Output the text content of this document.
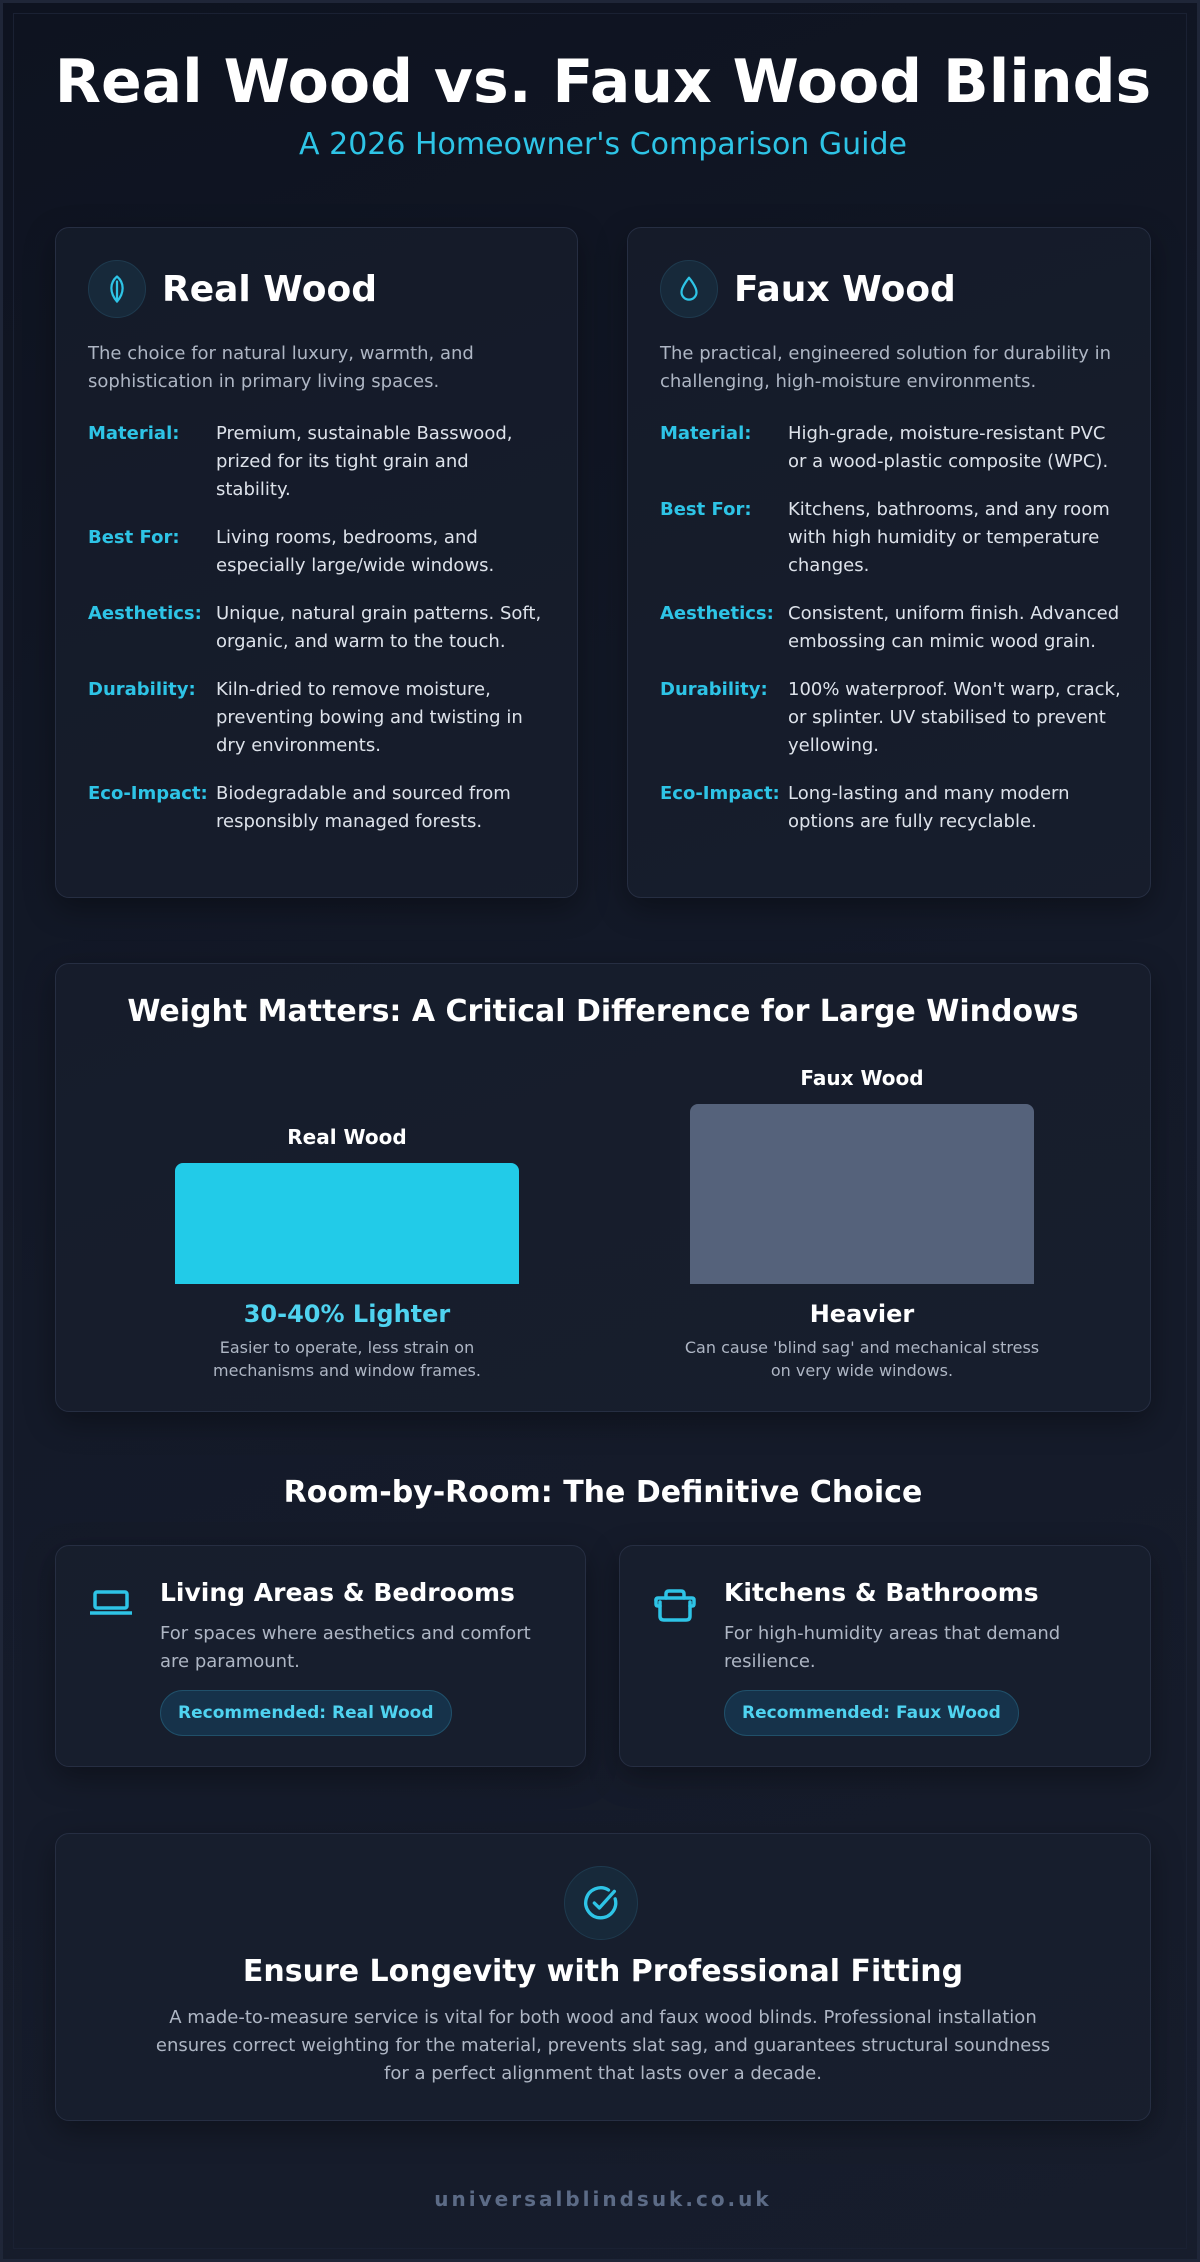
Real Wood vs. Faux Wood Blinds
A 2026 Homeowner's Comparison Guide
Real Wood
The choice for natural luxury, warmth, and sophistication in primary living spaces.
Material:	Premium, sustainable Basswood, prized for its tight grain and stability.
Best For:	Living rooms, bedrooms, and especially large/wide windows.
Aesthetics: Unique, natural grain patterns. Soft, organic, and warm to the touch.
Durability:	Kiln-dried to remove moisture, preventing bowing and twisting in dry environments.
Eco-Impact: Biodegradable and sourced from responsibly managed forests.
Faux Wood
The practical, engineered solution for durability in challenging, high-moisture environments.
Material:	High-grade, moisture-resistant PVC or a wood-plastic composite (WPC).
Best For:	Kitchens, bathrooms, and any room with high humidity or temperature changes.
Aesthetics: Consistent, uniform finish. Advanced embossing can mimic wood grain.
Durability:	100% waterproof. Won't warp, crack, or splinter. UV stabilised to prevent yellowing.
Eco-Impact: Long-lasting and many modern options are fully recyclable.
Weight Matters: A Critical Difference for Large Windows
Real Wood
30-40% Lighter
Easier to operate, less strain on mechanisms and window frames.
Faux Wood
Heavier
Can cause 'blind sag' and mechanical stress on very wide windows.
Room-by-Room: The Definitive Choice
Living Areas & Bedrooms
For spaces where aesthetics and comfort are paramount.
Recommended: Real Wood
Kitchens & Bathrooms
For high-humidity areas that demand resilience.
Recommended: Faux Wood
Ensure Longevity with Professional Fitting
A made-to-measure service is vital for both wood and faux wood blinds. Professional installation ensures correct weighting for the material, prevents slat sag, and guarantees structural soundness for a perfect alignment that lasts over a decade.
universalblindsuk.co.uk
